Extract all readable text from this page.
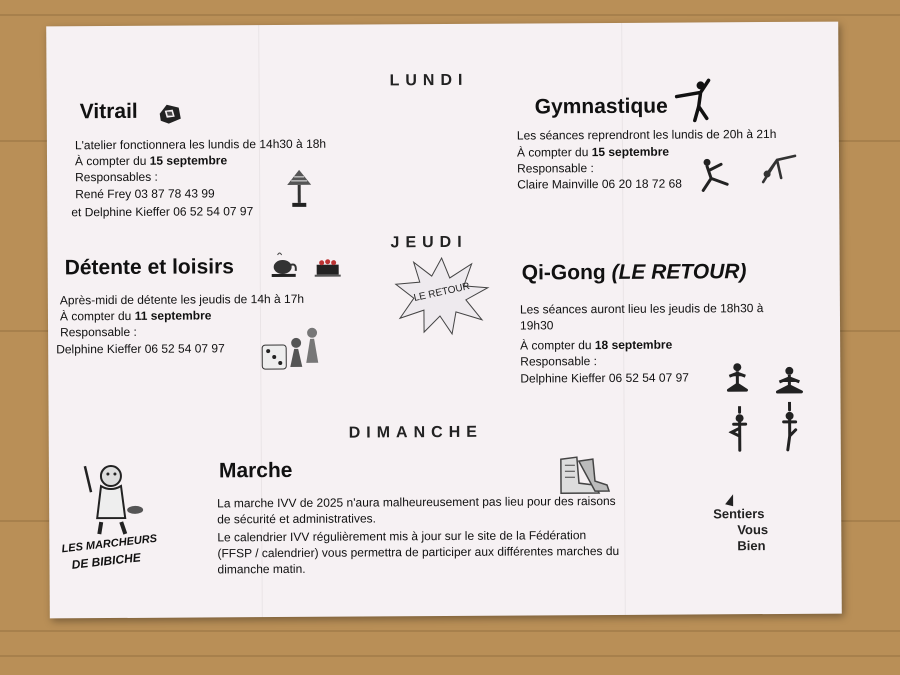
LUNDI
Vitrail
L'atelier fonctionnera les lundis de 14h30 à 18h
À compter du 15 septembre
Responsables :
René Frey 03 87 78 43 99
et Delphine Kieffer 06 52 54 07 97
Gymnastique
Les séances reprendront les lundis de 20h à 21h
À compter du 15 septembre
Responsable :
Claire Mainville 06 20 18 72 68
JEUDI
Détente et loisirs
Après-midi de détente les jeudis de 14h à 17h
À compter du 11 septembre
Responsable :
Delphine Kieffer 06 52 54 07 97
LE RETOUR
Qi-Gong (LE RETOUR)
Les séances auront lieu les jeudis de 18h30 à
19h30
À compter du 18 septembre
Responsable :
Delphine Kieffer 06 52 54 07 97
DIMANCHE
Marche
La marche IVV de 2025 n'aura malheureusement pas lieu pour des raisons
de sécurité et administratives.
Le calendrier IVV régulièrement mis à jour sur le site de la Fédération
(FFSP / calendrier) vous permettra de participer aux différentes marches du
dimanche matin.
LES MARCHEURS
DE BIBICHE
Sentiers
Vous
Bien
